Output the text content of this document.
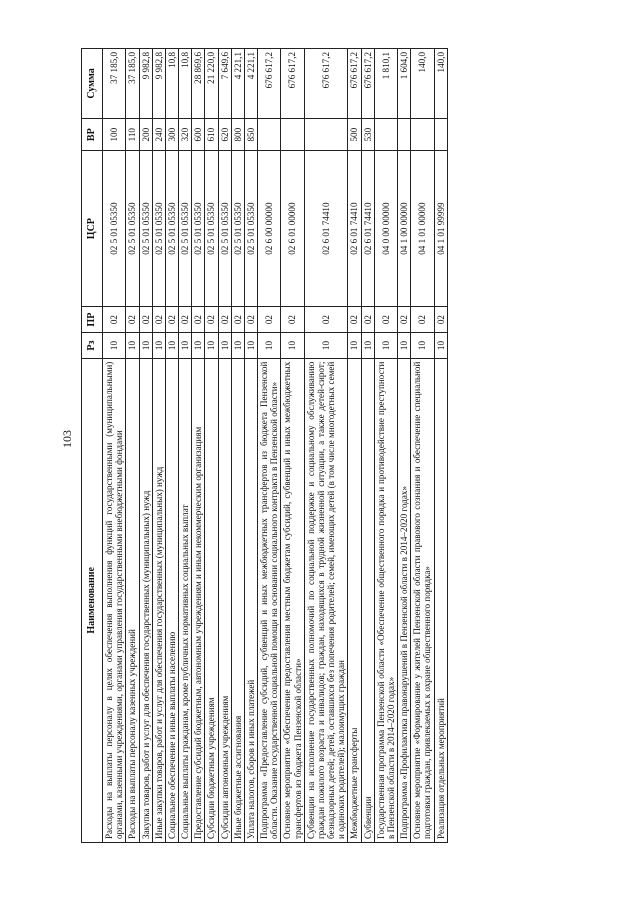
103
Наименование	Рз	ПР	ЦСР	ВР	Сумма
Расходы на выплаты персоналу в целях обеспечения выполнения функций государственными (муниципальными) органами, казенными учреждениями, органами управления государственными внебюджетными фондами	10	02	02 5 01 05350	100	37 185,0
Расходы на выплаты персоналу казенных учреждений	10	02	02 5 01 05350	110	37 185,0
Закупка товаров, работ и услуг для обеспечения государственных (муниципальных) нужд	10	02	02 5 01 05350	200	9 982,8
Иные закупки товаров, работ и услуг для обеспечения государственных (муниципальных) нужд	10	02	02 5 01 05350	240	9 982,8
Социальное обеспечение и иные выплаты населению	10	02	02 5 01 05350	300	10,8
Социальные выплаты гражданам, кроме публичных нормативных социальных выплат	10	02	02 5 01 05350	320	10,8
Предоставление субсидий бюджетным, автономным учреждениям и иным некоммерческим организациям	10	02	02 5 01 05350	600	28 869,6
Субсидии бюджетным учреждениям	10	02	02 5 01 05350	610	21 220,0
Субсидии автономным учреждениям	10	02	02 5 01 05350	620	7 649,6
Иные бюджетные ассигнования	10	02	02 5 01 05350	800	4 221,1
Уплата налогов, сборов и иных платежей	10	02	02 5 01 05350	850	4 221,1
Подпрограмма «Предоставление субсидий, субвенций и иных межбюджетных трансфертов из бюджета Пензенской области. Оказание государственной социальной помощи на основании социального контракта в Пензенской области»	10	02	02 6 00 00000		676 617,2
Основное мероприятие «Обеспечение предоставления местным бюджетам субсидий, субвенций и иных межбюджетных трансфертов из бюджета Пензенской области»	10	02	02 6 01 00000		676 617,2
Субвенции на исполнение государственных полномочий по социальной поддержке и социальному обслуживанию граждан пожилого возраста и инвалидов; граждан, находящихся в трудной жизненной ситуации, а также детей-сирот; безнадзорных детей; детей, оставшихся без попечения родителей; семей, имеющих детей (в том числе многодетных семей и одиноких родителей); малоимущих граждан	10	02	02 6 01 74410		676 617,2
Межбюджетные трансферты	10	02	02 6 01 74410	500	676 617,2
Субвенции	10	02	02 6 01 74410	530	676 617,2
Государственная программа Пензенской области «Обеспечение общественного порядка и противодействие преступности в Пензенской области в 2014–2020 годах»	10	02	04 0 00 00000		1 810,1
Подпрограмма «Профилактика правонарушений в Пензенской области в 2014–2020 годах»	10	02	04 1 00 00000		1 604,0
Основное мероприятие «Формирование у жителей Пензенской области правового сознания и обеспечение специальной подготовки граждан, привлекаемых к охране общественного порядка»	10	02	04 1 01 00000		140,0
Реализация отдельных мероприятий	10	02	04 1 01 99999		140,0
